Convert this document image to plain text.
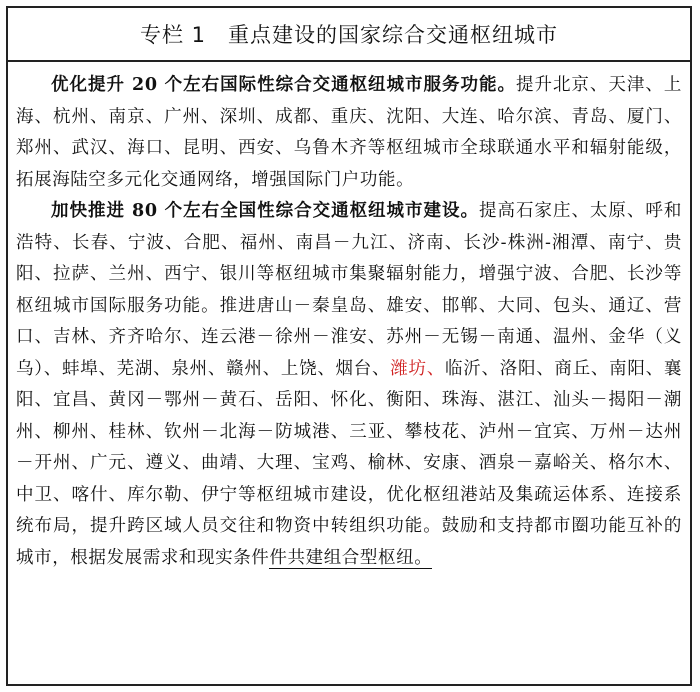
专栏 1 重点建设的国家综合交通枢纽城市

优化提升 20 个左右国际性综合交通枢纽城市服务功能。提升北京、天津、上海、杭州、南京、广州、深圳、成都、重庆、沈阳、大连、哈尔滨、青岛、厦门、郑州、武汉、海口、昆明、西安、乌鲁木齐等枢纽城市全球联通水平和辐射能级，拓展海陆空多元化交通网络，增强国际门户功能。

加快推进 80 个左右全国性综合交通枢纽城市建设。提高石家庄、太原、呼和浩特、长春、宁波、合肥、福州、南昌－九江、济南、长沙-株洲-湘潭、南宁、贵阳、拉萨、兰州、西宁、银川等枢纽城市集聚辐射能力，增强宁波、合肥、长沙等枢纽城市国际服务功能。推进唐山－秦皇岛、雄安、邯郸、大同、包头、通辽、营口、吉林、齐齐哈尔、连云港－徐州－淮安、苏州－无锡－南通、温州、金华（义乌）、蚌埠、芜湖、泉州、赣州、上饶、烟台、潍坊、临沂、洛阳、商丘、南阳、襄阳、宜昌、黄冈－鄂州－黄石、岳阳、怀化、衡阳、珠海、湛江、汕头－揭阳－潮州、柳州、桂林、钦州－北海－防城港、三亚、攀枝花、泸州－宜宾、万州－达州－开州、广元、遵义、曲靖、大理、宝鸡、榆林、安康、酒泉－嘉峪关、格尔木、中卫、喀什、库尔勒、伊宁等枢纽城市建设，优化枢纽港站及集疏运体系、连接系统布局，提升跨区域人员交往和物资中转组织功能。鼓励和支持都市圈功能互补的城市，根据发展需求和现实条件件共建组合型枢纽。
